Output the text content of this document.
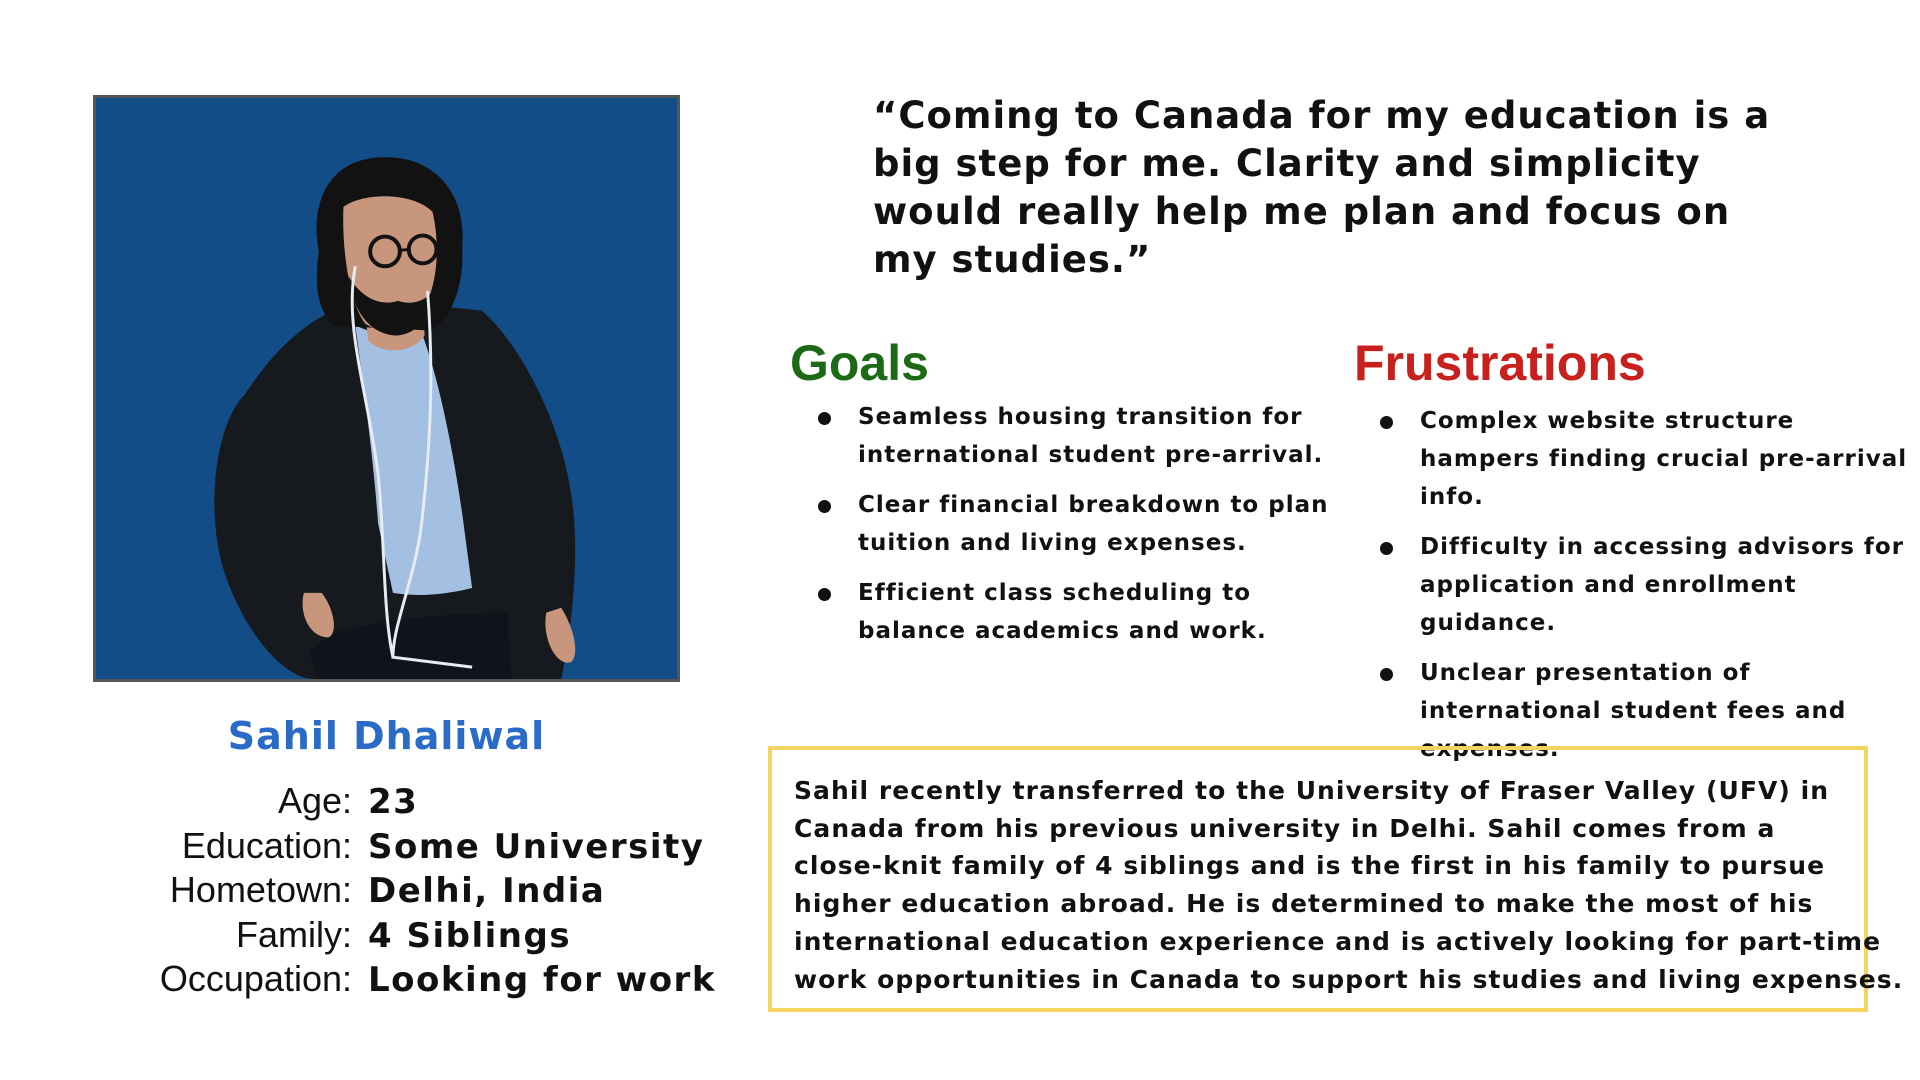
Sahil Dhaliwal
Age: 23
Education: Some University
Hometown: Delhi, India
Family: 4 Siblings
Occupation: Looking for work
“Coming to Canada for my education is a big step for me. Clarity and simplicity would really help me plan and focus on my studies.”
Goals
Seamless housing transition for international student pre-arrival.
Clear financial breakdown to plan tuition and living expenses.
Efficient class scheduling to balance academics and work.
Frustrations
Complex website structure hampers finding crucial pre-arrival info.
Difficulty in accessing advisors for application and enrollment guidance.
Unclear presentation of international student fees and expenses.
Sahil recently transferred to the University of Fraser Valley (UFV) in
Canada from his previous university in Delhi. Sahil comes from a
close-knit family of 4 siblings and is the first in his family to pursue
higher education abroad. He is determined to make the most of his
international education experience and is actively looking for part-time
work opportunities in Canada to support his studies and living expenses.
